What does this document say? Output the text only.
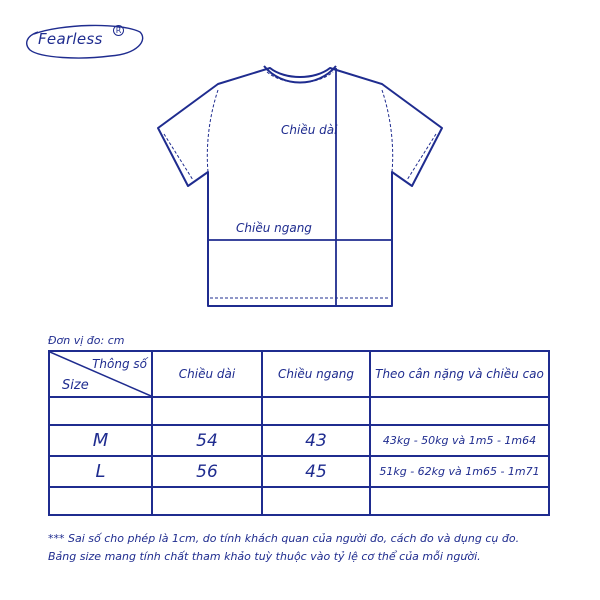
Fearless	R
Chiều dài
Chiều ngang
Đơn vị đo: cm
Thông số
Size	Chiều dài	Chiều ngang	Theo cân nặng và chiều cao

M	54	43	43kg - 50kg và 1m5 - 1m64
L	56	45	51kg - 62kg và 1m65 - 1m71

*** Sai số cho phép là 1cm, do tính khách quan của người đo, cách đo và dụng cụ đo.
Bảng size mang tính chất tham khảo tuỳ thuộc vào tỷ lệ cơ thể của mỗi người.
